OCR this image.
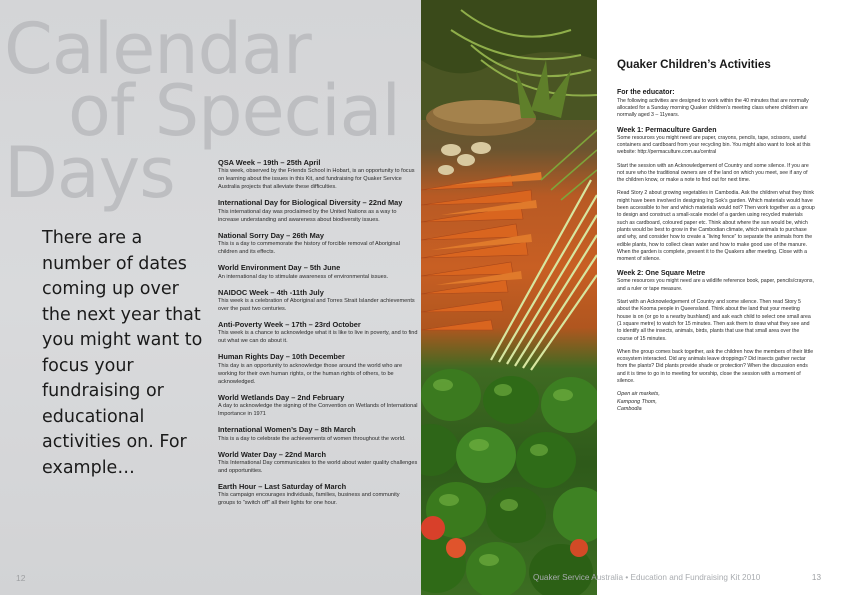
Calendar
of Special
Days
There are a number of dates coming up over the next year that you might want to focus your fundraising or educational activities on. For example…
QSA Week – 19th – 25th April
This week, observed by the Friends School in Hobart, is an opportunity to focus on learning about the issues in this Kit, and fundraising for Quaker Service Australia projects that alleviate these difficulties.
International Day for Biological Diversity – 22nd May
This international day was proclaimed by the United Nations as a way to increase understanding and awareness about biodiversity issues.
National Sorry Day – 26th May
This is a day to commemorate the history of forcible removal of Aboriginal children and its effects.
World Environment Day – 5th June
An international day to stimulate awareness of environmental issues.
NAIDOC Week – 4th -11th July
This week is a celebration of Aboriginal and Torres Strait Islander achievements over the past two centuries.
Anti-Poverty Week – 17th – 23rd October
This week is a chance to acknowledge what it is like to live in poverty, and to find out what we can do about it.
Human Rights Day – 10th December
This day is an opportunity to acknowledge those around the world who are working for their own human rights, or the human rights of others, to be acknowledged.
World Wetlands Day – 2nd February
A day to acknowledge the signing of the Convention on Wetlands of International Importance in 1971
International Women’s Day – 8th March
This is a day to celebrate the achievements of women throughout the world.
World Water Day – 22nd March
This International Day communicates to the world about water quality challenges and opportunities.
Earth Hour – Last Saturday of March
This campaign encourages individuals, families, business and community groups to “switch off” all their lights for one hour.
12
Quaker Children’s Activities
For the educator:
The following activities are designed to work within the 40 minutes that are normally allocated for a Sunday morning Quaker children’s meeting class where children are normally aged 3 – 11years.
Week 1: Permaculture Garden
Some resources you might need are paper, crayons, pencils, tape, scissors, useful containers and cardboard from your recycling bin. You might also want to look at this website: http://permaculture.com.au/central
Start the session with an Acknowledgement of Country and some silence. If you are not sure who the traditional owners are of the land on which you meet, see if any of the children know, or make a note to find out for next time.
Read Story 2 about growing vegetables in Cambodia. Ask the children what they think might have been involved in designing Ing Sok’s garden. Which materials would have been accessible to her and which materials would not? Then work together as a group to design and construct a small-scale model of a garden using recycled materials such as cardboard, coloured paper etc. Think about where the sun would be, which plants would be best to grow in the Cambodian climate, which animals to purchase and why, and consider how to create a “living fence” to separate the animals from the edible plants, how to collect clean water and how to make good use of the manure. When the garden is complete, present it to the Quakers after meeting. Close with a moment of silence.
Week 2: One Square Metre
Some resources you might need are a wildlife reference book, paper, pencils/crayons, and a ruler or tape measure.
Start with an Acknowledgement of Country and some silence. Then read Story 5 about the Kooma people in Queensland. Think about the land that your meeting house is on (or go to a nearby bushland) and ask each child to select one small area (1 square metre) to watch for 15 minutes. Then ask them to draw what they see and to identify all the insects, animals, birds, plants that use that small area over the course of 15 minutes.
When the group comes back together, ask the children how the members of their little ecosystem interacted. Did any animals leave droppings? Did insects gather nectar from the plants? Did plants provide shade or protection? When the discussion ends and it is time to go in to meeting for worship, close the session with a moment of silence.
Open air markets,
Kampong Thom,
Cambodia
Quaker Service Australia • Education and Fundraising Kit 2010	13
